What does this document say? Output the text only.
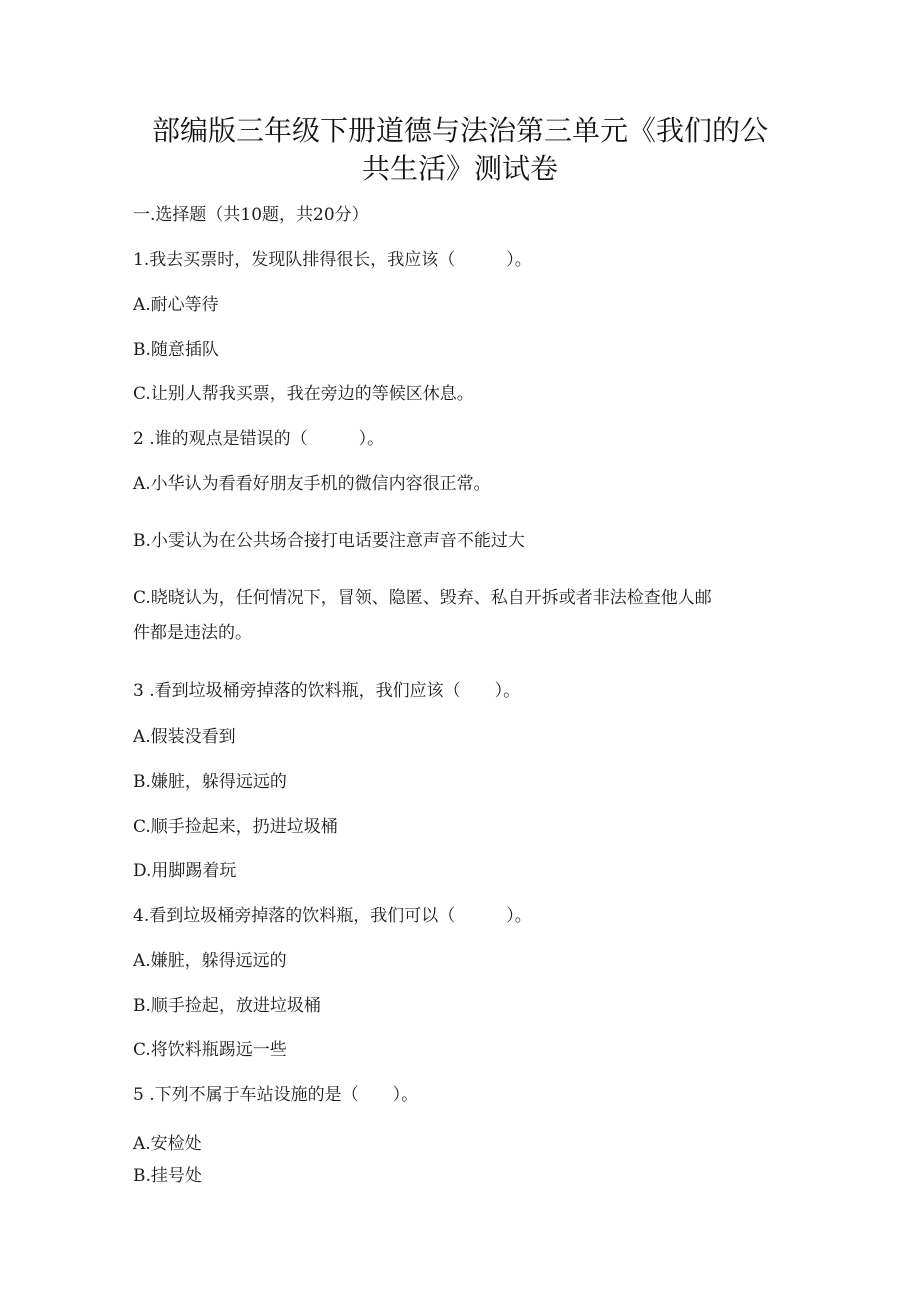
部编版三年级下册道德与法治第三单元《我们的公
共生活》测试卷
一.选择题（共10题，共20分）
1.我去买票时，发现队排得很长，我应该（　　　）。
A.耐心等待
B.随意插队
C.让别人帮我买票，我在旁边的等候区休息。
2 .谁的观点是错误的（　　　）。
A.小华认为看看好朋友手机的微信内容很正常。
B.小雯认为在公共场合接打电话要注意声音不能过大
C.晓晓认为，任何情况下，冒领、隐匿、毁弃、私自开拆或者非法检查他人邮
件都是违法的。
3 .看到垃圾桶旁掉落的饮料瓶，我们应该（　　）。
A.假装没看到
B.嫌脏，躲得远远的
C.顺手捡起来，扔进垃圾桶
D.用脚踢着玩
4.看到垃圾桶旁掉落的饮料瓶，我们可以（　　　）。
A.嫌脏，躲得远远的
B.顺手捡起，放进垃圾桶
C.将饮料瓶踢远一些
5 .下列不属于车站设施的是（　　）。
A.安检处
B.挂号处
